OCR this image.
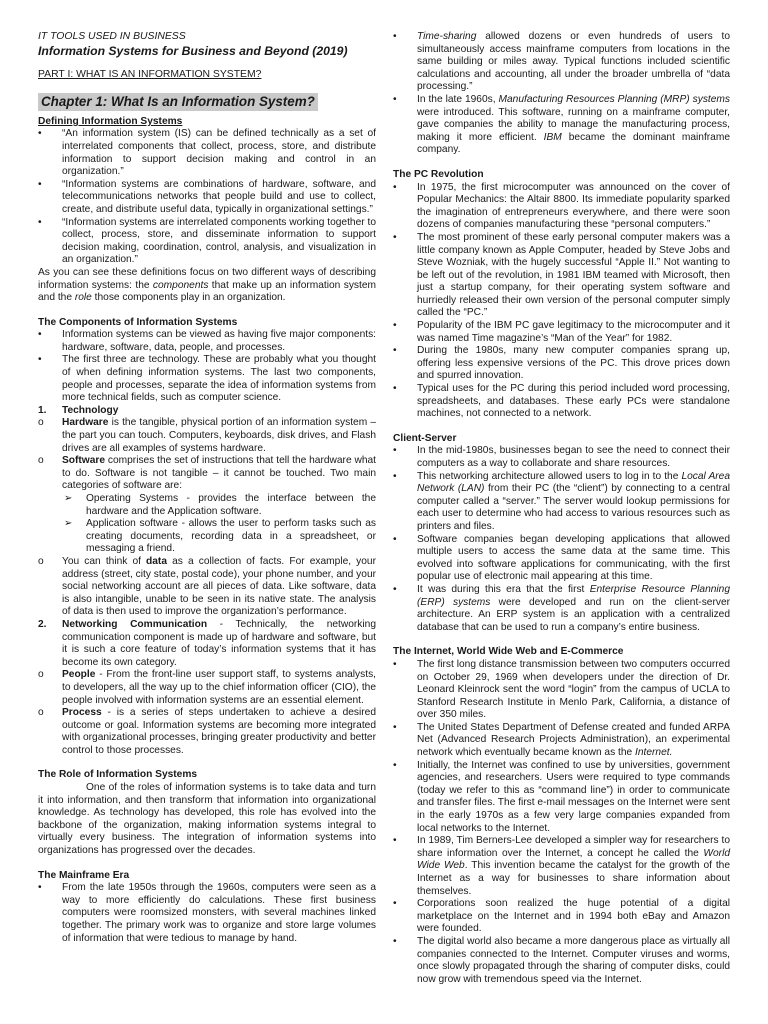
IT TOOLS USED IN BUSINESS

Information Systems for Business and Beyond (2019)

PART I: WHAT IS AN INFORMATION SYSTEM?

Chapter 1: What Is an Information System?

Defining Information Systems

• “An information system (IS) can be defined technically as a set of interrelated components that collect, process, store, and distribute information to support decision making and control in an organization.”
• “Information systems are combinations of hardware, software, and telecommunications networks that people build and use to collect, create, and distribute useful data, typically in organizational settings.”
• “Information systems are interrelated components working together to collect, process, store, and disseminate information to support decision making, coordination, control, analysis, and visualization in an organization.”

As you can see these definitions focus on two different ways of describing information systems: the components that make up an information system and the role those components play in an organization.

The Components of Information Systems

• Information systems can be viewed as having five major components: hardware, software, data, people, and processes.
• The first three are technology. These are probably what you thought of when defining information systems. The last two components, people and processes, separate the idea of information systems from more technical fields, such as computer science.
1. Technology
o Hardware is the tangible, physical portion of an information system – the part you can touch. Computers, keyboards, disk drives, and Flash drives are all examples of systems hardware.
o Software comprises the set of instructions that tell the hardware what to do. Software is not tangible – it cannot be touched. Two main categories of software are:
➢ Operating Systems - provides the interface between the hardware and the Application software.
➢ Application software - allows the user to perform tasks such as creating documents, recording data in a spreadsheet, or messaging a friend.
o You can think of data as a collection of facts. For example, your address (street, city state, postal code), your phone number, and your social networking account are all pieces of data. Like software, data is also intangible, unable to be seen in its native state. The analysis of data is then used to improve the organization’s performance.
2. Networking Communication - Technically, the networking communication component is made up of hardware and software, but it is such a core feature of today’s information systems that it has become its own category.
o People - From the front-line user support staff, to systems analysts, to developers, all the way up to the chief information officer (CIO), the people involved with information systems are an essential element.
o Process - is a series of steps undertaken to achieve a desired outcome or goal. Information systems are becoming more integrated with organizational processes, bringing greater productivity and better control to those processes.

The Role of Information Systems

One of the roles of information systems is to take data and turn it into information, and then transform that information into organizational knowledge. As technology has developed, this role has evolved into the backbone of the organization, making information systems integral to virtually every business. The integration of information systems into organizations has progressed over the decades.

The Mainframe Era

• From the late 1950s through the 1960s, computers were seen as a way to more efficiently do calculations. These first business computers were roomsized monsters, with several machines linked together. The primary work was to organize and store large volumes of information that were tedious to manage by hand.
• Time-sharing allowed dozens or even hundreds of users to simultaneously access mainframe computers from locations in the same building or miles away. Typical functions included scientific calculations and accounting, all under the broader umbrella of “data processing.”
• In the late 1960s, Manufacturing Resources Planning (MRP) systems were introduced. This software, running on a mainframe computer, gave companies the ability to manage the manufacturing process, making it more efficient. IBM became the dominant mainframe company.

The PC Revolution

• In 1975, the first microcomputer was announced on the cover of Popular Mechanics: the Altair 8800. Its immediate popularity sparked the imagination of entrepreneurs everywhere, and there were soon dozens of companies manufacturing these “personal computers.”
• The most prominent of these early personal computer makers was a little company known as Apple Computer, headed by Steve Jobs and Steve Wozniak, with the hugely successful “Apple II.” Not wanting to be left out of the revolution, in 1981 IBM teamed with Microsoft, then just a startup company, for their operating system software and hurriedly released their own version of the personal computer simply called the “PC.”
• Popularity of the IBM PC gave legitimacy to the microcomputer and it was named Time magazine’s “Man of the Year” for 1982.
• During the 1980s, many new computer companies sprang up, offering less expensive versions of the PC. This drove prices down and spurred innovation.
• Typical uses for the PC during this period included word processing, spreadsheets, and databases. These early PCs were standalone machines, not connected to a network.

Client-Server

• In the mid-1980s, businesses began to see the need to connect their computers as a way to collaborate and share resources.
• This networking architecture allowed users to log in to the Local Area Network (LAN) from their PC (the “client”) by connecting to a central computer called a “server.” The server would lookup permissions for each user to determine who had access to various resources such as printers and files.
• Software companies began developing applications that allowed multiple users to access the same data at the same time. This evolved into software applications for communicating, with the first popular use of electronic mail appearing at this time.
• It was during this era that the first Enterprise Resource Planning (ERP) systems were developed and run on the client-server architecture. An ERP system is an application with a centralized database that can be used to run a company’s entire business.

The Internet, World Wide Web and E-Commerce

• The first long distance transmission between two computers occurred on October 29, 1969 when developers under the direction of Dr. Leonard Kleinrock sent the word “login” from the campus of UCLA to Stanford Research Institute in Menlo Park, California, a distance of over 350 miles.
• The United States Department of Defense created and funded ARPA Net (Advanced Research Projects Administration), an experimental network which eventually became known as the Internet.
• Initially, the Internet was confined to use by universities, government agencies, and researchers. Users were required to type commands (today we refer to this as “command line”) in order to communicate and transfer files. The first e-mail messages on the Internet were sent in the early 1970s as a few very large companies expanded from local networks to the Internet.
• In 1989, Tim Berners-Lee developed a simpler way for researchers to share information over the Internet, a concept he called the World Wide Web. This invention became the catalyst for the growth of the Internet as a way for businesses to share information about themselves.
• Corporations soon realized the huge potential of a digital marketplace on the Internet and in 1994 both eBay and Amazon were founded.
• The digital world also became a more dangerous place as virtually all companies connected to the Internet. Computer viruses and worms, once slowly propagated through the sharing of computer disks, could now grow with tremendous speed via the Internet.
